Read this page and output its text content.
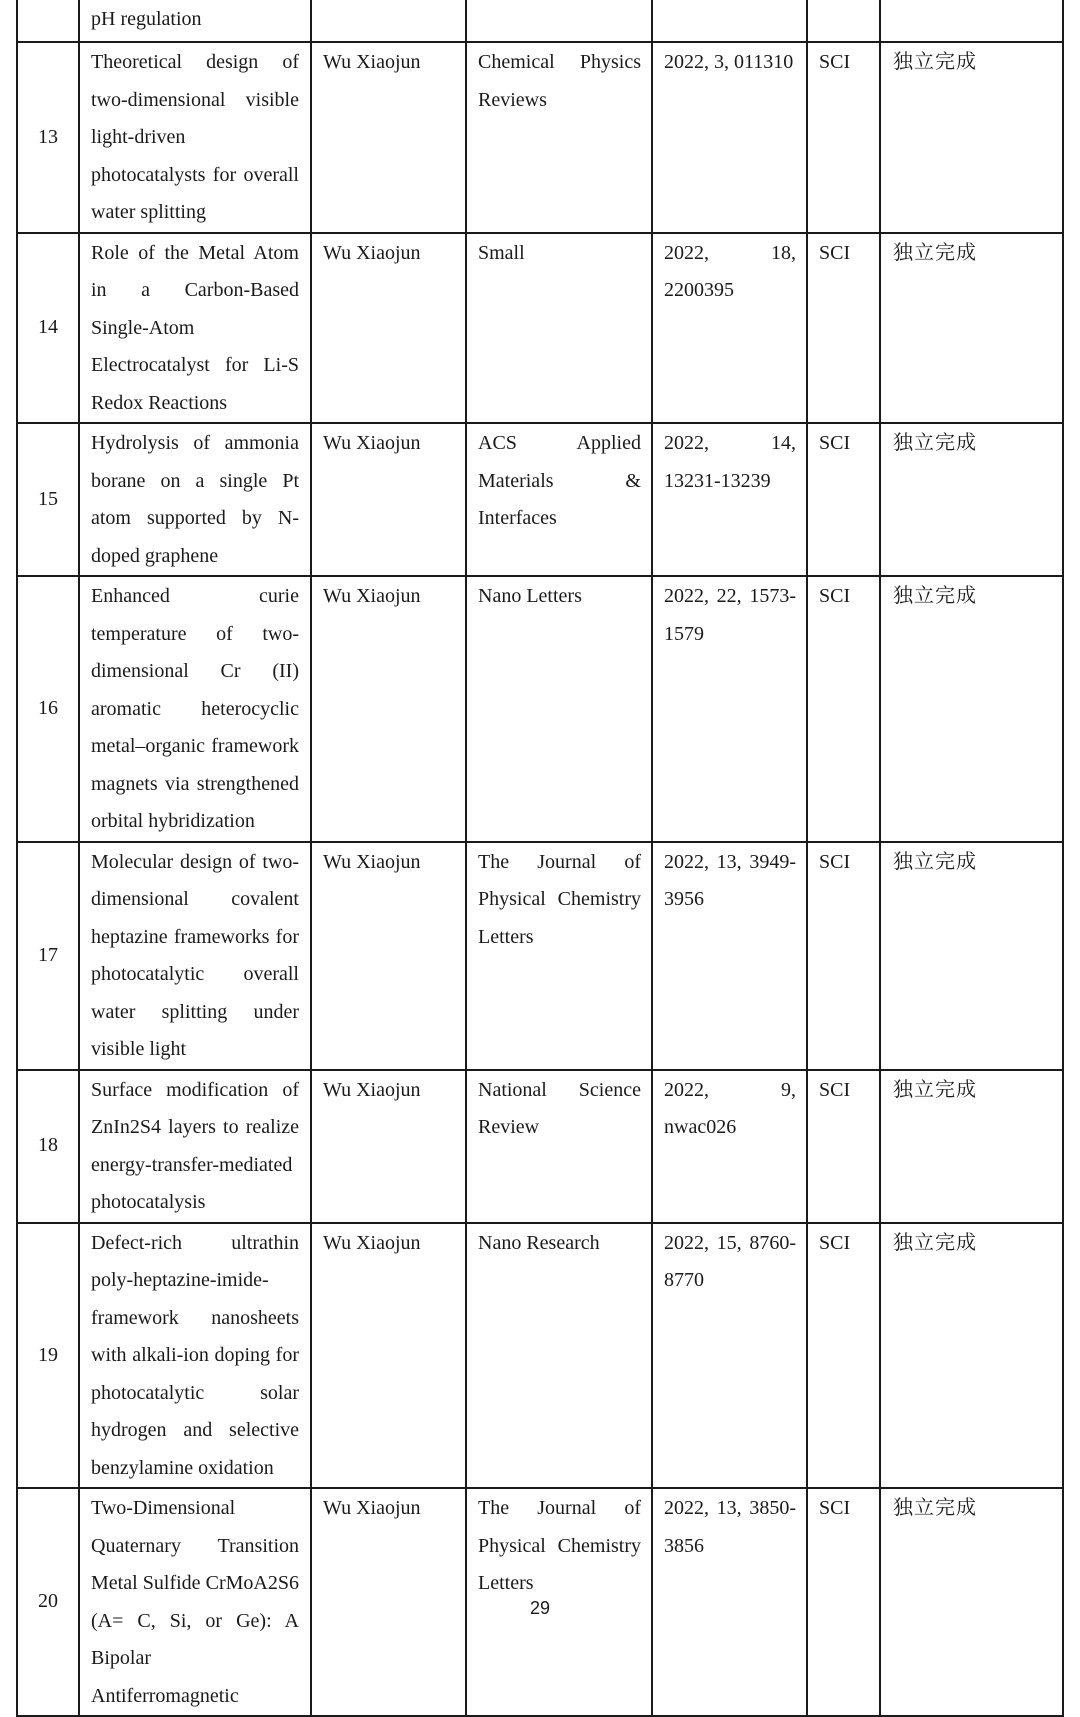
	pH regulation					
13	Theoretical design of two-dimensional visible light-driven photocatalysts for overall water splitting	Wu Xiaojun	Chemical Physics Reviews	2022, 3, 011310	SCI	独立完成
14	Role of the Metal Atom in a Carbon-Based Single-Atom Electrocatalyst for Li-S Redox Reactions	Wu Xiaojun	Small	2022, 18, 2200395	SCI	独立完成
15	Hydrolysis of ammonia borane on a single Pt atom supported by N-doped graphene	Wu Xiaojun	ACS Applied Materials & Interfaces	2022, 14, 13231-13239	SCI	独立完成
16	Enhanced curie temperature of two-dimensional Cr (II) aromatic heterocyclic metal–organic framework magnets via strengthened orbital hybridization	Wu Xiaojun	Nano Letters	2022, 22, 1573-1579	SCI	独立完成
17	Molecular design of two-dimensional covalent heptazine frameworks for photocatalytic overall water splitting under visible light	Wu Xiaojun	The Journal of Physical Chemistry Letters	2022, 13, 3949-3956	SCI	独立完成
18	Surface modification of ZnIn2S4 layers to realize energy-transfer-mediated photocatalysis	Wu Xiaojun	National Science Review	2022, 9, nwac026	SCI	独立完成
19	Defect-rich ultrathin poly-heptazine-imide-framework nanosheets with alkali-ion doping for photocatalytic solar hydrogen and selective benzylamine oxidation	Wu Xiaojun	Nano Research	2022, 15, 8760-8770	SCI	独立完成
20	Two-Dimensional Quaternary Transition Metal Sulfide CrMoA2S6 (A= C, Si, or Ge): A Bipolar Antiferromagnetic	Wu Xiaojun	The Journal of Physical Chemistry Letters	2022, 13, 3850-3856	SCI	独立完成
29
